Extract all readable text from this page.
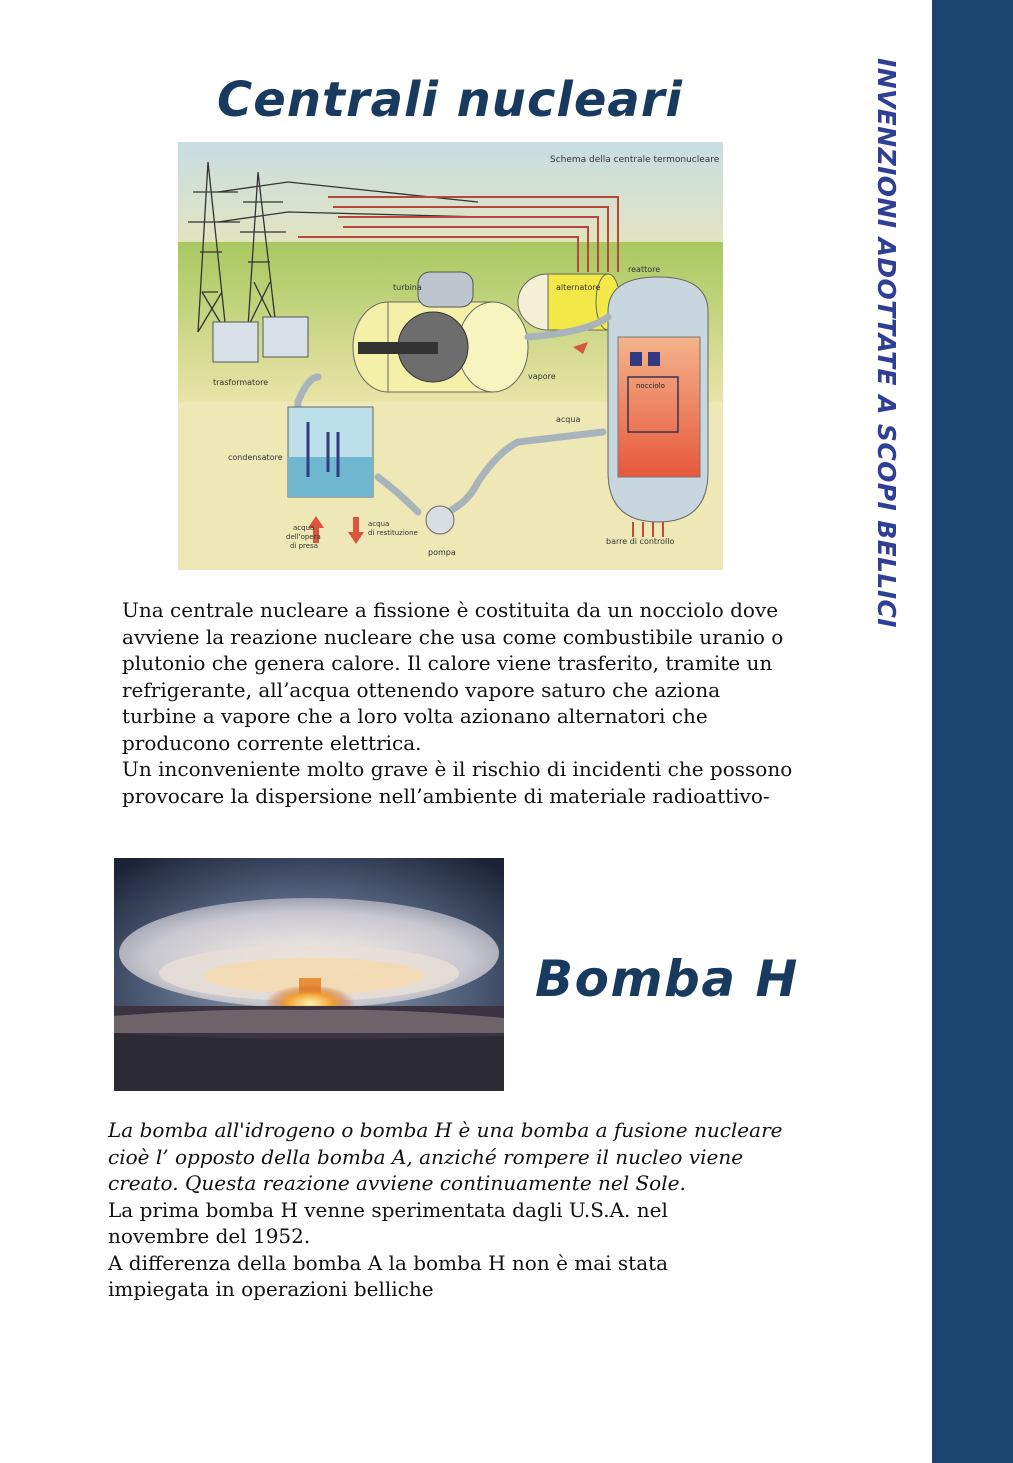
INVENZIONI ADOTTATE A SCOPI BELLICI
Centrali nucleari
Schema della centrale termonucleare
trasformatore
turbina	alternatore
reattore
nocciolo
barre di controllo
vapore
acqua
condensatore
pompa
acqua
dell'opera
di presa
acqua
di restituzione

Una centrale nucleare a fissione è costituita da un nocciolo dove
avviene la reazione nucleare che usa come combustibile uranio o
plutonio che genera calore. Il calore viene trasferito, tramite un
refrigerante, all’acqua ottenendo vapore saturo che aziona
turbine a vapore che a loro volta azionano alternatori che
producono corrente elettrica.
Un inconveniente molto grave è il rischio di incidenti che possono
provocare la dispersione nell’ambiente di materiale radioattivo-

Bomba H

La bomba all'idrogeno o bomba H è una bomba a fusione nucleare
cioè l’ opposto della bomba A, anziché rompere il nucleo viene
creato. Questa reazione avviene continuamente nel Sole.
La prima bomba H venne sperimentata dagli U.S.A. nel
novembre del 1952.
A differenza della bomba A la bomba H non è mai stata
impiegata in operazioni belliche
